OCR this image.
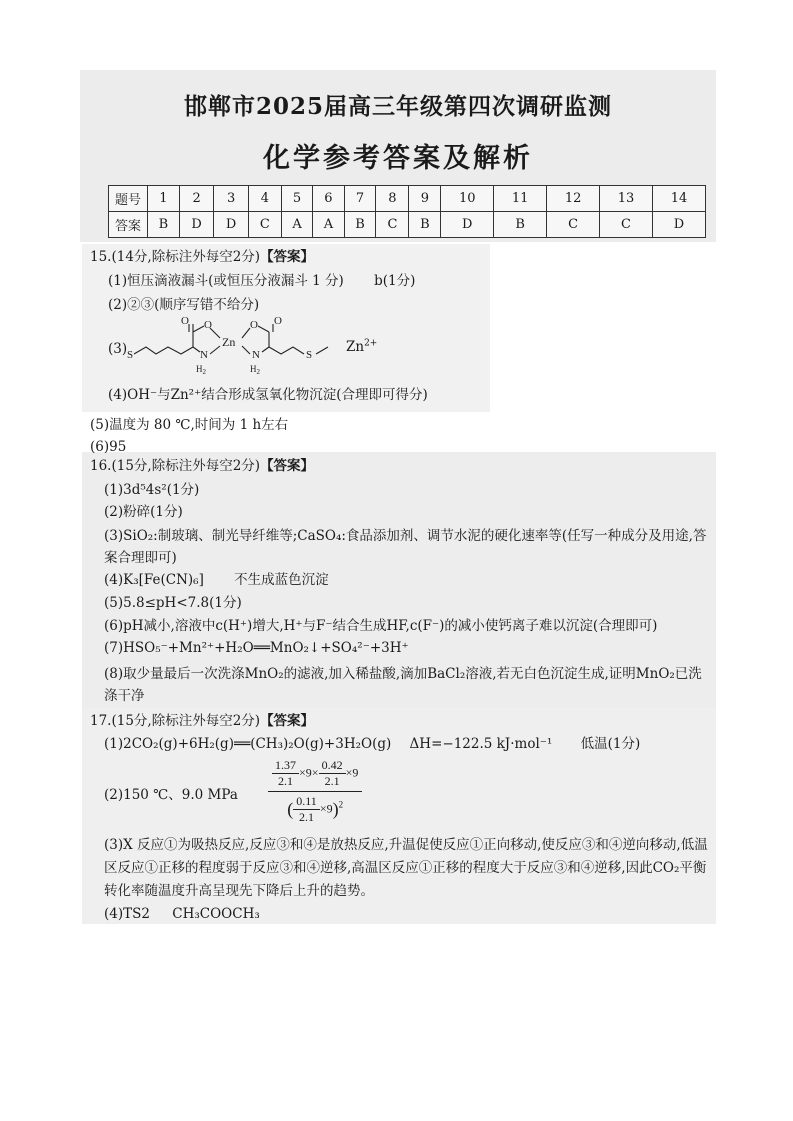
邯郸市2025届高三年级第四次调研监测
化学参考答案及解析
题号	1	2	3	4	5	6	7	8	9	10	11	12	13	14
答案	B	D	D	C	A	A	B	C	B	D	B	C	C	D
15.(14分,除标注外每空2分)【答案】
(1)恒压滴液漏斗(或恒压分液漏斗 1 分) b(1分)
(2)②③(顺序写错不给分)
(3) S
O O
N
$H_2$
Zn
O O
N
$H_2$
S	$Zn^{2+}$
(4)OH⁻与Zn²⁺结合形成氢氧化物沉淀(合理即可得分)
(5)温度为 80 ℃,时间为 1 h左右
(6)95
16.(15分,除标注外每空2分)【答案】
(1)3d⁵4s²(1分)
(2)粉碎(1分)
(3)SiO₂:制玻璃、制光导纤维等;CaSO₄:食品添加剂、调节水泥的硬化速率等(任写一种成分及用途,答案合理即可)
(4)K₃[Fe(CN)₆] 不生成蓝色沉淀
(5)5.8≤pH<7.8(1分)
(6)pH减小,溶液中c(H⁺)增大,H⁺与F⁻结合生成HF,c(F⁻)的减小使钙离子难以沉淀(合理即可)
(7)HSO₅⁻+Mn²⁺+H₂O══MnO₂↓+SO₄²⁻+3H⁺
(8)取少量最后一次洗涤MnO₂的滤液,加入稀盐酸,滴加BaCl₂溶液,若无白色沉淀生成,证明MnO₂已洗涤干净
17.(15分,除标注外每空2分)【答案】
(1)2CO₂(g)+6H₂(g)══(CH₃)₂O(g)+3H₂O(g) ΔH=−122.5 kJ·mol⁻¹ 低温(1分)
(2)150 ℃、9.0 MPa	$\frac{\frac{1.37}{2.1} \times 9\times \frac{0.42}{2.1} \times 9}{( \frac{0.11}{2.1} \times 9)^2}$
(3)X 反应①为吸热反应,反应③和④是放热反应,升温促使反应①正向移动,使反应③和④逆向移动,低温区反应①正移的程度弱于反应③和④逆移,高温区反应①正移的程度大于反应③和④逆移,因此CO₂平衡转化率随温度升高呈现先下降后上升的趋势。
(4)TS2 CH₃COOCH₃
